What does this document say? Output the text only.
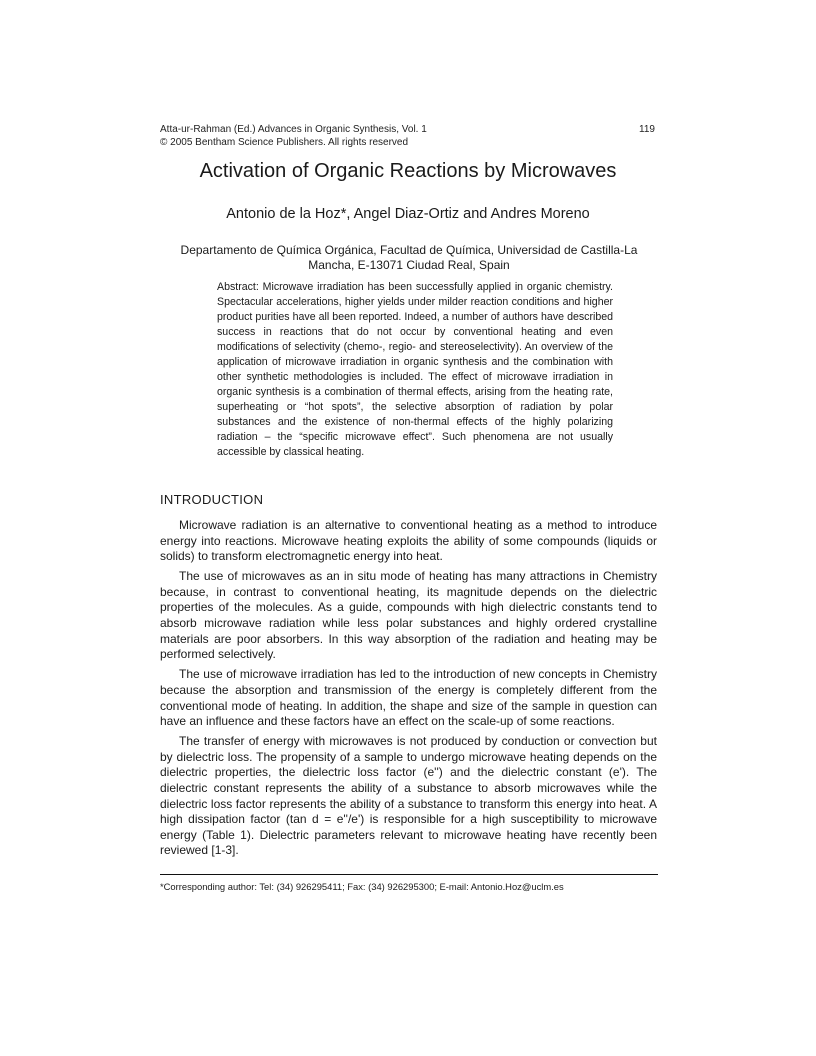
Atta-ur-Rahman (Ed.) Advances in Organic Synthesis, Vol. 1
© 2005 Bentham Science Publishers. All rights reserved
119
Activation of Organic Reactions by Microwaves
Antonio de la Hoz*, Angel Diaz-Ortiz and Andres Moreno
Departamento de Química Orgánica, Facultad de Química, Universidad de Castilla-La Mancha, E-13071 Ciudad Real, Spain
Abstract: Microwave irradiation has been successfully applied in organic chemistry. Spectacular accelerations, higher yields under milder reaction conditions and higher product purities have all been reported. Indeed, a number of authors have described success in reactions that do not occur by conventional heating and even modifications of selectivity (chemo-, regio- and stereoselectivity). An overview of the application of microwave irradiation in organic synthesis and the combination with other synthetic methodologies is included. The effect of microwave irradiation in organic synthesis is a combination of thermal effects, arising from the heating rate, superheating or “hot spots”, the selective absorption of radiation by polar substances and the existence of non-thermal effects of the highly polarizing radiation – the “specific microwave effect”. Such phenomena are not usually accessible by classical heating.
INTRODUCTION

Microwave radiation is an alternative to conventional heating as a method to introduce energy into reactions. Microwave heating exploits the ability of some compounds (liquids or solids) to transform electromagnetic energy into heat.

The use of microwaves as an in situ mode of heating has many attractions in Chemistry because, in contrast to conventional heating, its magnitude depends on the dielectric properties of the molecules. As a guide, compounds with high dielectric constants tend to absorb microwave radiation while less polar substances and highly ordered crystalline materials are poor absorbers. In this way absorption of the radiation and heating may be performed selectively.

The use of microwave irradiation has led to the introduction of new concepts in Chemistry because the absorption and transmission of the energy is completely different from the conventional mode of heating. In addition, the shape and size of the sample in question can have an influence and these factors have an effect on the scale-up of some reactions.

The transfer of energy with microwaves is not produced by conduction or convection but by dielectric loss. The propensity of a sample to undergo microwave heating depends on the dielectric properties, the dielectric loss factor (e'') and the dielectric constant (e'). The dielectric constant represents the ability of a substance to absorb microwaves while the dielectric loss factor represents the ability of a substance to transform this energy into heat. A high dissipation factor (tan d = e''/e') is responsible for a high susceptibility to microwave energy (Table 1). Dielectric parameters relevant to microwave heating have recently been reviewed [1-3].

*Corresponding author: Tel: (34) 926295411; Fax: (34) 926295300; E-mail: Antonio.Hoz@uclm.es
